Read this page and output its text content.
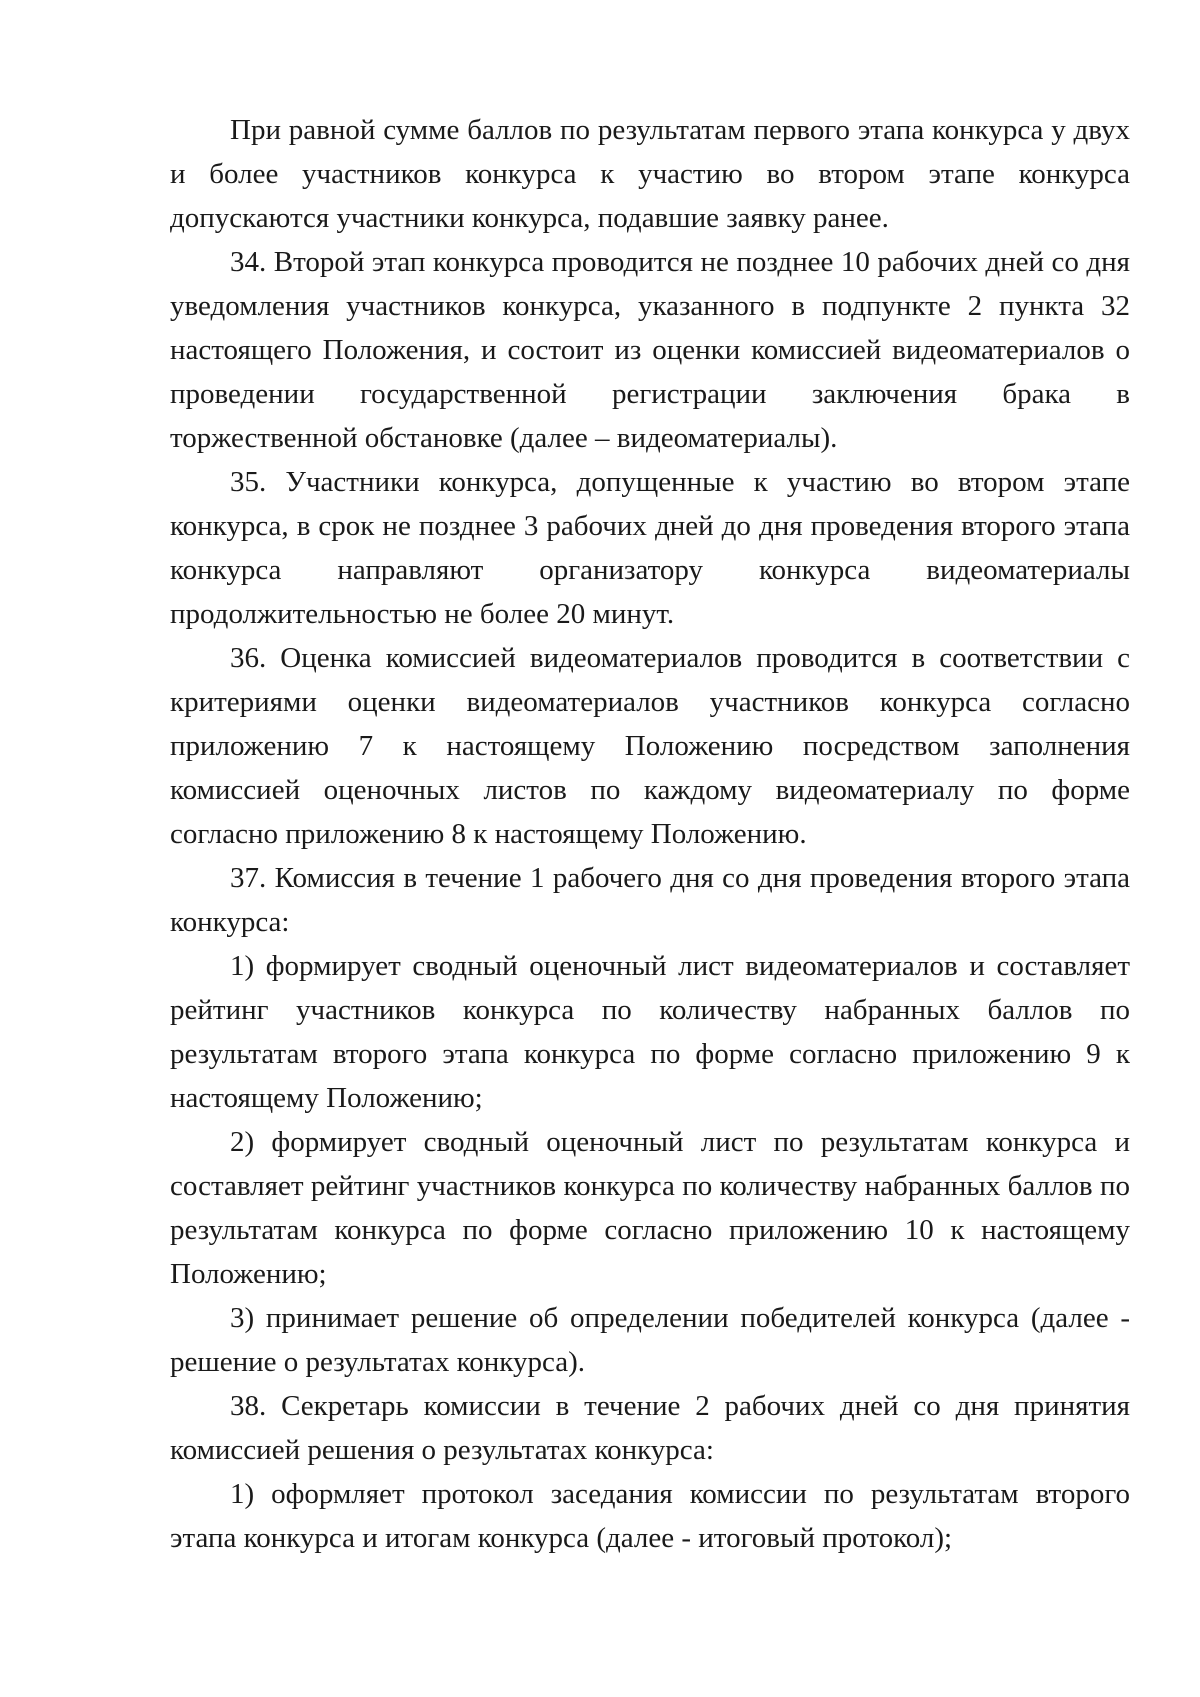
При равной сумме баллов по результатам первого этапа конкурса у двух и более участников конкурса к участию во втором этапе конкурса допускаются участники конкурса, подавшие заявку ранее.

34. Второй этап конкурса проводится не позднее 10 рабочих дней со дня уведомления участников конкурса, указанного в подпункте 2 пункта 32 настоящего Положения, и состоит из оценки комиссией видеоматериалов о проведении государственной регистрации заключения брака в торжественной обстановке (далее – видеоматериалы).

35. Участники конкурса, допущенные к участию во втором этапе конкурса, в срок не позднее 3 рабочих дней до дня проведения второго этапа конкурса направляют организатору конкурса видеоматериалы продолжительностью не более 20 минут.

36. Оценка комиссией видеоматериалов проводится в соответствии с критериями оценки видеоматериалов участников конкурса согласно приложению 7 к настоящему Положению посредством заполнения комиссией оценочных листов по каждому видеоматериалу по форме согласно приложению 8 к настоящему Положению.

37. Комиссия в течение 1 рабочего дня со дня проведения второго этапа конкурса:

1) формирует сводный оценочный лист видеоматериалов и составляет рейтинг участников конкурса по количеству набранных баллов по результатам второго этапа конкурса по форме согласно приложению 9 к настоящему Положению;

2) формирует сводный оценочный лист по результатам конкурса и составляет рейтинг участников конкурса по количеству набранных баллов по результатам конкурса по форме согласно приложению 10 к настоящему Положению;

3) принимает решение об определении победителей конкурса (далее - решение о результатах конкурса).

38. Секретарь комиссии в течение 2 рабочих дней со дня принятия комиссией решения о результатах конкурса:

1) оформляет протокол заседания комиссии по результатам второго этапа конкурса и итогам конкурса (далее - итоговый протокол);
